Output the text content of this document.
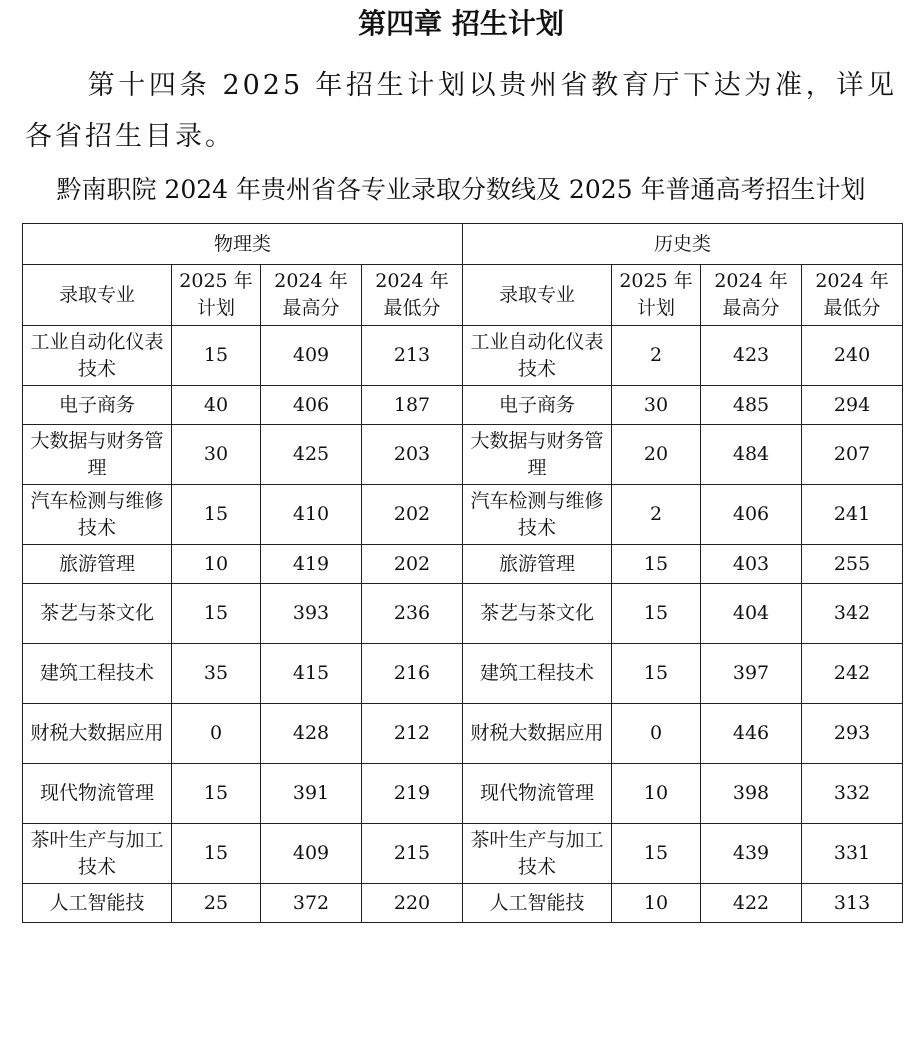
第四章 招生计划
第十四条 2025 年招生计划以贵州省教育厅下达为准，详见各省招生目录。
黔南职院 2024 年贵州省各专业录取分数线及 2025 年普通高考招生计划
物理类				历史类			
录取专业	2025 年计划	2024 年最高分	2024 年最低分	录取专业	2025 年计划	2024 年最高分	2024 年最低分
工业自动化仪表技术	15	409	213	工业自动化仪表技术	2	423	240
电子商务	40	406	187	电子商务	30	485	294
大数据与财务管理	30	425	203	大数据与财务管理	20	484	207
汽车检测与维修技术	15	410	202	汽车检测与维修技术	2	406	241
旅游管理	10	419	202	旅游管理	15	403	255
茶艺与茶文化	15	393	236	茶艺与茶文化	15	404	342
建筑工程技术	35	415	216	建筑工程技术	15	397	242
财税大数据应用	0	428	212	财税大数据应用	0	446	293
现代物流管理	15	391	219	现代物流管理	10	398	332
茶叶生产与加工技术	15	409	215	茶叶生产与加工技术	15	439	331
人工智能技	25	372	220	人工智能技	10	422	313
